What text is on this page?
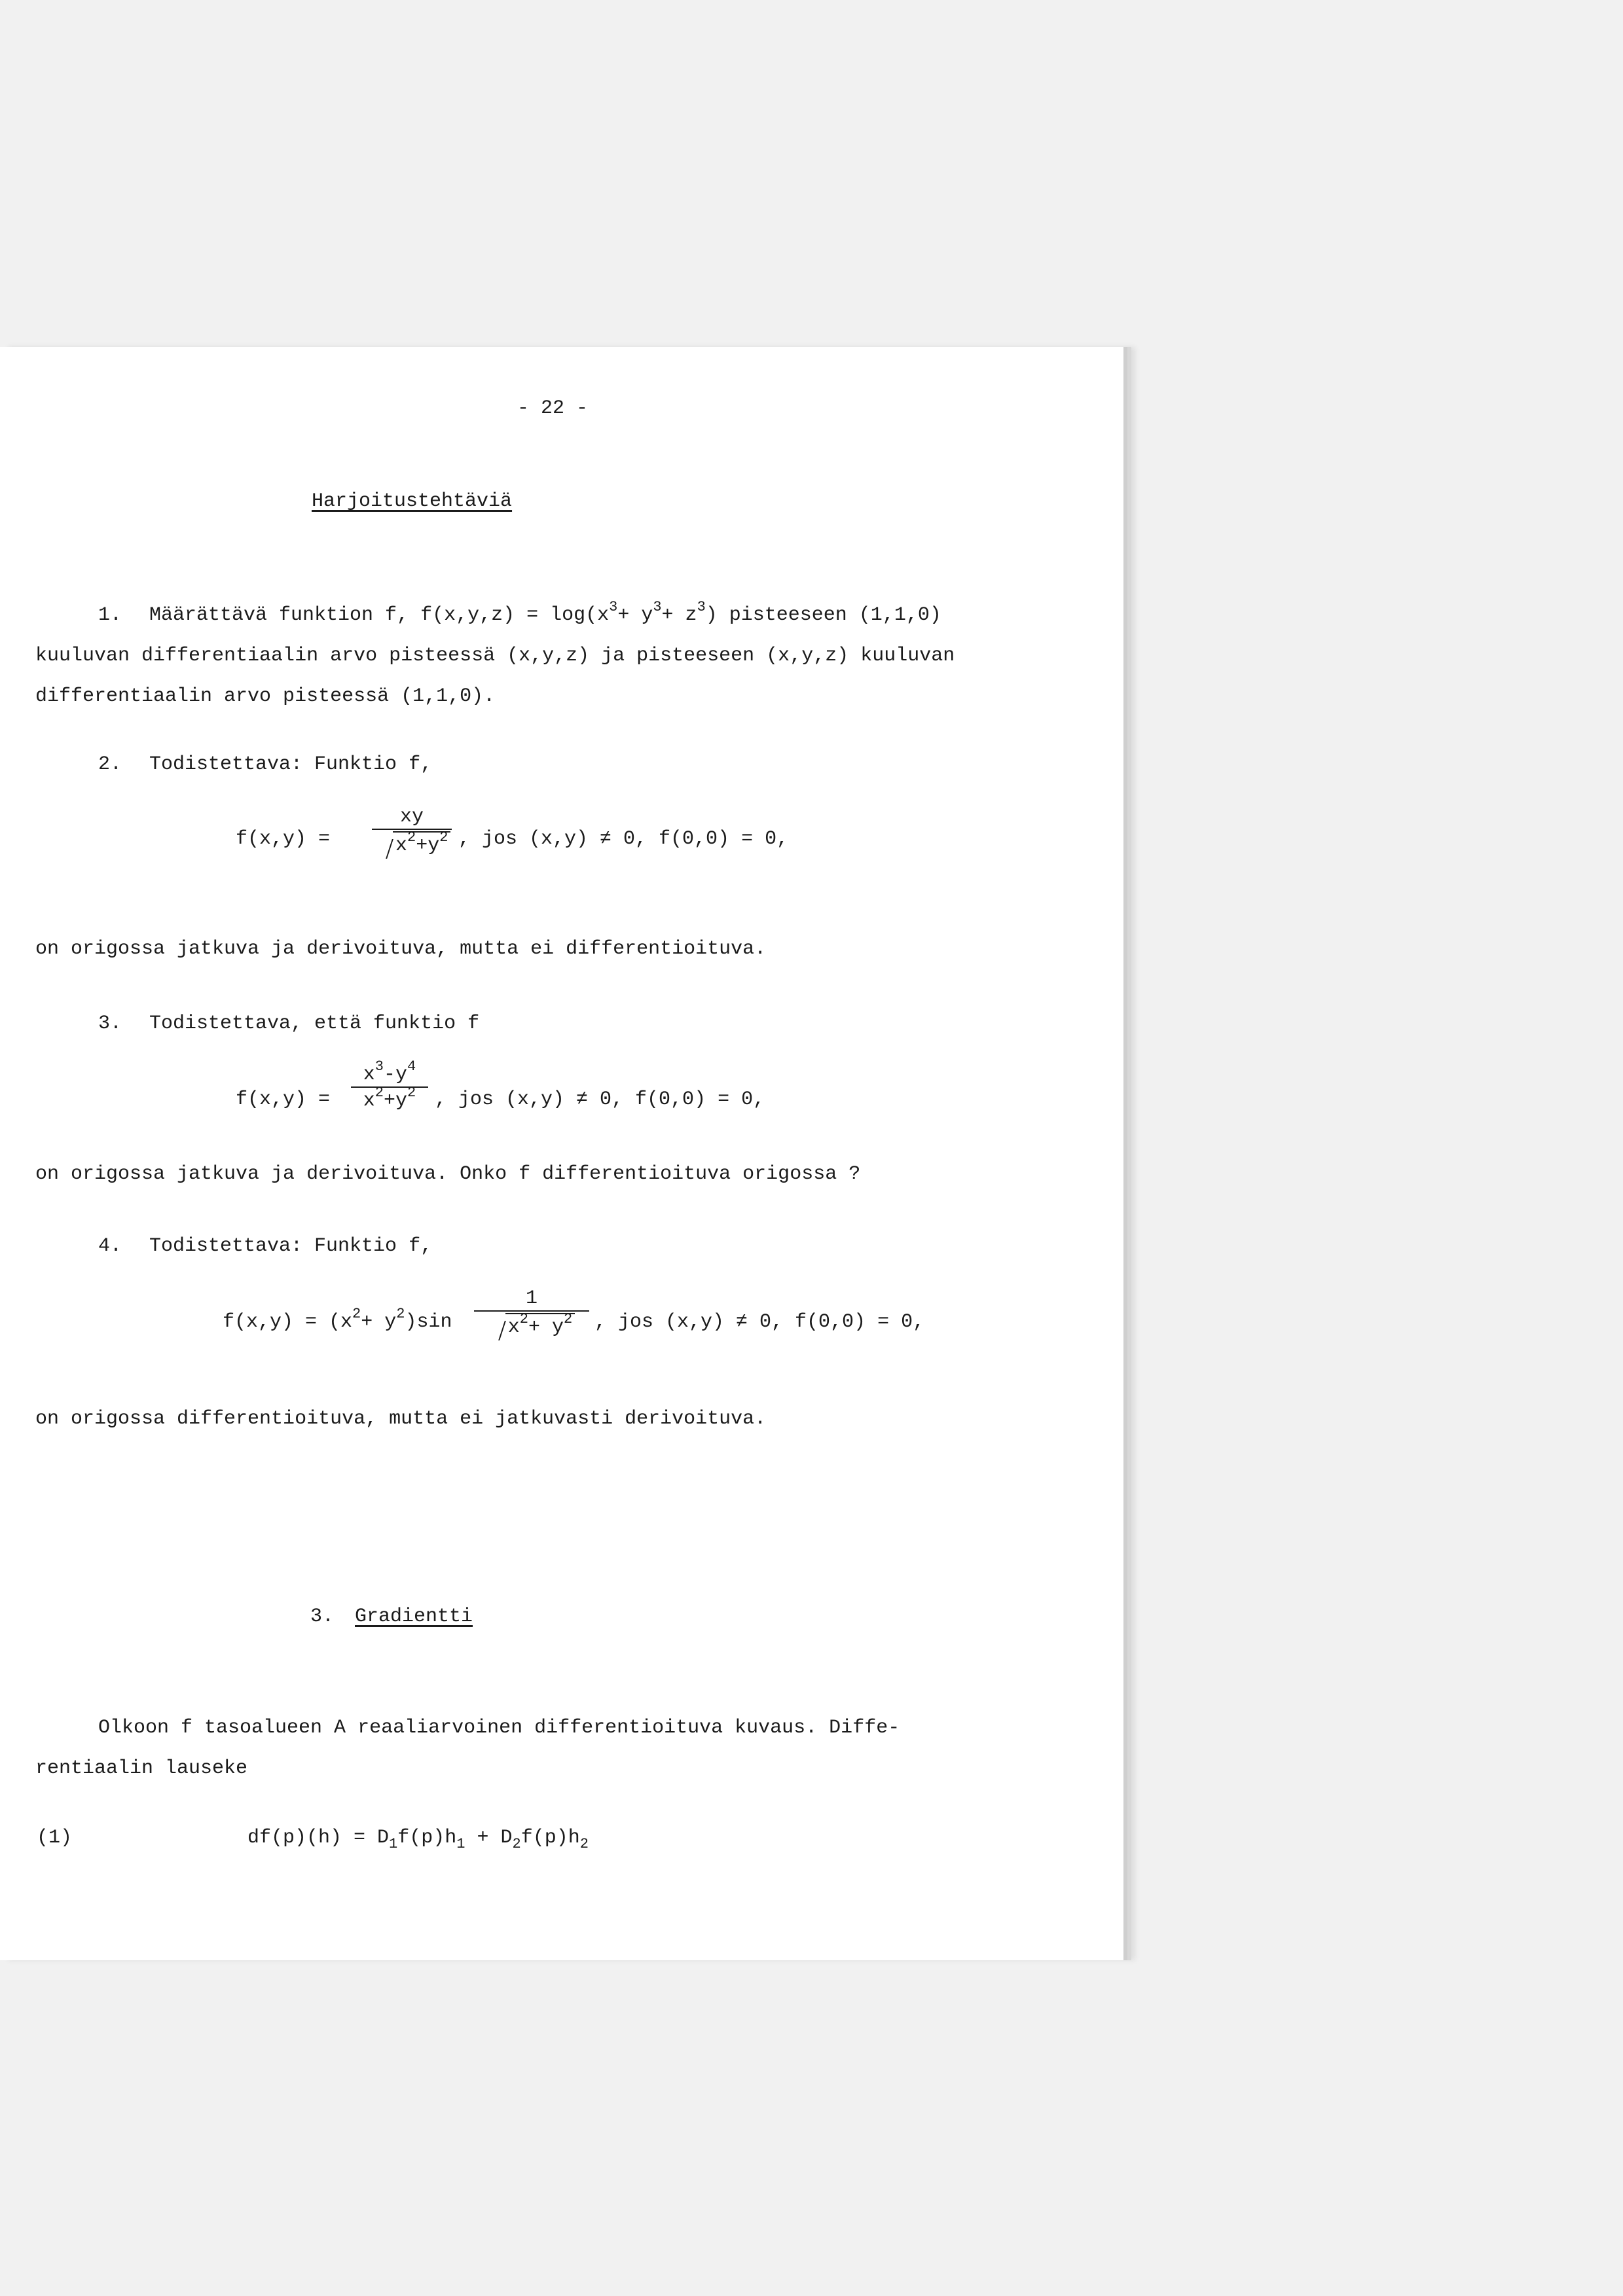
- 22 -
Harjoitustehtäviä
1. Määrättävä funktion f, $f(x,y,z) = \log(x^3+ y^3+ z^3)$ pisteeseen (1,1,0)
kuuluvan differentiaalin arvo pisteessä (x,y,z) ja pisteeseen (x,y,z) kuuluvan
differentiaalin arvo pisteessä (1,1,0).
2. Todistettava: Funktio f,
f(x,y) =
xy
$x^2+y^2$ , jos (x,y) ≠ 0, f(0,0) = 0,
on origossa jatkuva ja derivoituva, mutta ei differentioituva.
3. Todistettava, että funktio f
f(x,y) =
$x^3-y^4$
$x^2+y^2$ , jos (x,y) ≠ 0, f(0,0) = 0,
on origossa jatkuva ja derivoituva. Onko f differentioituva origossa ?
4. Todistettava: Funktio f,
$f(x,y) = (x^2+ y^2)\sin$
1
$x^2+ y^2$	, jos (x,y) ≠ 0, f(0,0) = 0,
on origossa differentioituva, mutta ei jatkuvasti derivoituva.
3. Gradientti
Olkoon f tasoalueen A reaaliarvoinen differentioituva kuvaus. Diffe-
rentiaalin lauseke
(1)	$df(p)(h) = D_1f(p)h_1 + D_2f(p)h_2$
